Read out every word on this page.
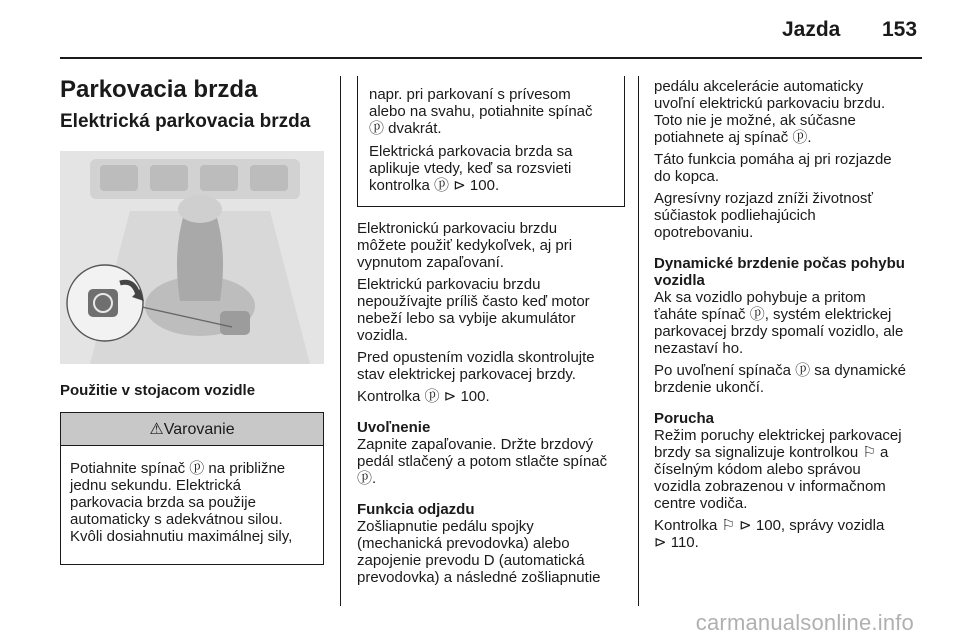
Jazda 153
Parkovacia brzda
Elektrická parkovacia brzda
Použitie v stojacom vozidle
⚠Varovanie
Potiahnite spínač ⓟ na približne
jednu sekundu. Elektrická
parkovacia brzda sa použije
automaticky s adekvátnou silou.
Kvôli dosiahnutiu maximálnej sily,
napr. pri parkovaní s prívesom
alebo na svahu, potiahnite spínač
ⓟ dvakrát.
Elektrická parkovacia brzda sa
aplikuje vtedy, keď sa rozsvieti
kontrolka ⓟ ⊳ 100.

Elektronickú parkovaciu brzdu
môžete použiť kedykoľvek, aj pri
vypnutom zapaľovaní.

Elektrickú parkovaciu brzdu
nepoužívajte príliš často keď motor
nebeží lebo sa vybije akumulátor
vozidla.

Pred opustením vozidla skontrolujte
stav elektrickej parkovacej brzdy.

Kontrolka ⓟ ⊳ 100.

Uvoľnenie

Zapnite zapaľovanie. Držte brzdový
pedál stlačený a potom stlačte spínač
ⓟ.

Funkcia odjazdu

Zošliapnutie pedálu spojky
(mechanická prevodovka) alebo
zapojenie prevodu D (automatická
prevodovka) a následné zošliapnutie

pedálu akcelerácie automaticky
uvoľní elektrickú parkovaciu brzdu.
Toto nie je možné, ak súčasne
potiahnete aj spínač ⓟ.

Táto funkcia pomáha aj pri rozjazde
do kopca.

Agresívny rozjazd zníži životnosť
súčiastok podliehajúcich
opotrebovaniu.

Dynamické brzdenie počas pohybu
vozidla

Ak sa vozidlo pohybuje a pritom
ťaháte spínač ⓟ, systém elektrickej
parkovacej brzdy spomalí vozidlo, ale
nezastaví ho.

Po uvoľnení spínača ⓟ sa dynamické
brzdenie ukončí.

Porucha

Režim poruchy elektrickej parkovacej
brzdy sa signalizuje kontrolkou ⚐ a
číselným kódom alebo správou
vozidla zobrazenou v informačnom
centre vodiča.

Kontrolka ⚐ ⊳ 100, správy vozidla
⊳ 110.

carmanualsonline.info
